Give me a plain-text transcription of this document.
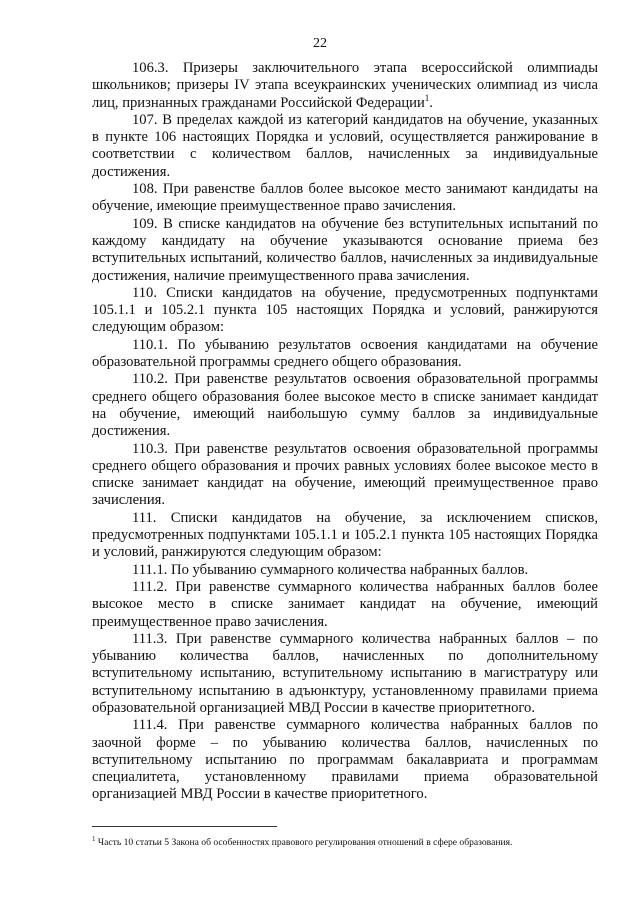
22

106.3. Призеры заключительного этапа всероссийской олимпиады школьников; призеры IV этапа всеукраинских ученических олимпиад из числа лиц, признанных гражданами Российской Федерации$^1$.

107. В пределах каждой из категорий кандидатов на обучение, указанных в пункте 106 настоящих Порядка и условий, осуществляется ранжирование в соответствии с количеством баллов, начисленных за индивидуальные достижения.

108. При равенстве баллов более высокое место занимают кандидаты на обучение, имеющие преимущественное право зачисления.

109. В списке кандидатов на обучение без вступительных испытаний по каждому кандидату на обучение указываются основание приема без вступительных испытаний, количество баллов, начисленных за индивидуальные достижения, наличие преимущественного права зачисления.

110. Списки кандидатов на обучение, предусмотренных подпунктами 105.1.1 и 105.2.1 пункта 105 настоящих Порядка и условий, ранжируются следующим образом:

110.1. По убыванию результатов освоения кандидатами на обучение образовательной программы среднего общего образования.

110.2. При равенстве результатов освоения образовательной программы среднего общего образования более высокое место в списке занимает кандидат на обучение, имеющий наибольшую сумму баллов за индивидуальные достижения.

110.3. При равенстве результатов освоения образовательной программы среднего общего образования и прочих равных условиях более высокое место в списке занимает кандидат на обучение, имеющий преимущественное право зачисления.

111. Списки кандидатов на обучение, за исключением списков, предусмотренных подпунктами 105.1.1 и 105.2.1 пункта 105 настоящих Порядка и условий, ранжируются следующим образом:

111.1. По убыванию суммарного количества набранных баллов.

111.2. При равенстве суммарного количества набранных баллов более высокое место в списке занимает кандидат на обучение, имеющий преимущественное право зачисления.

111.3. При равенстве суммарного количества набранных баллов – по убыванию количества баллов, начисленных по дополнительному вступительному испытанию, вступительному испытанию в магистратуру или вступительному испытанию в адъюнктуру, установленному правилами приема образовательной организацией МВД России в качестве приоритетного.

111.4. При равенстве суммарного количества набранных баллов по заочной форме – по убыванию количества баллов, начисленных по вступительному испытанию по программам бакалавриата и программам специалитета, установленному правилами приема образовательной организацией МВД России в качестве приоритетного.

$^1$ Часть 10 статьи 5 Закона об особенностях правового регулирования отношений в сфере образования.
